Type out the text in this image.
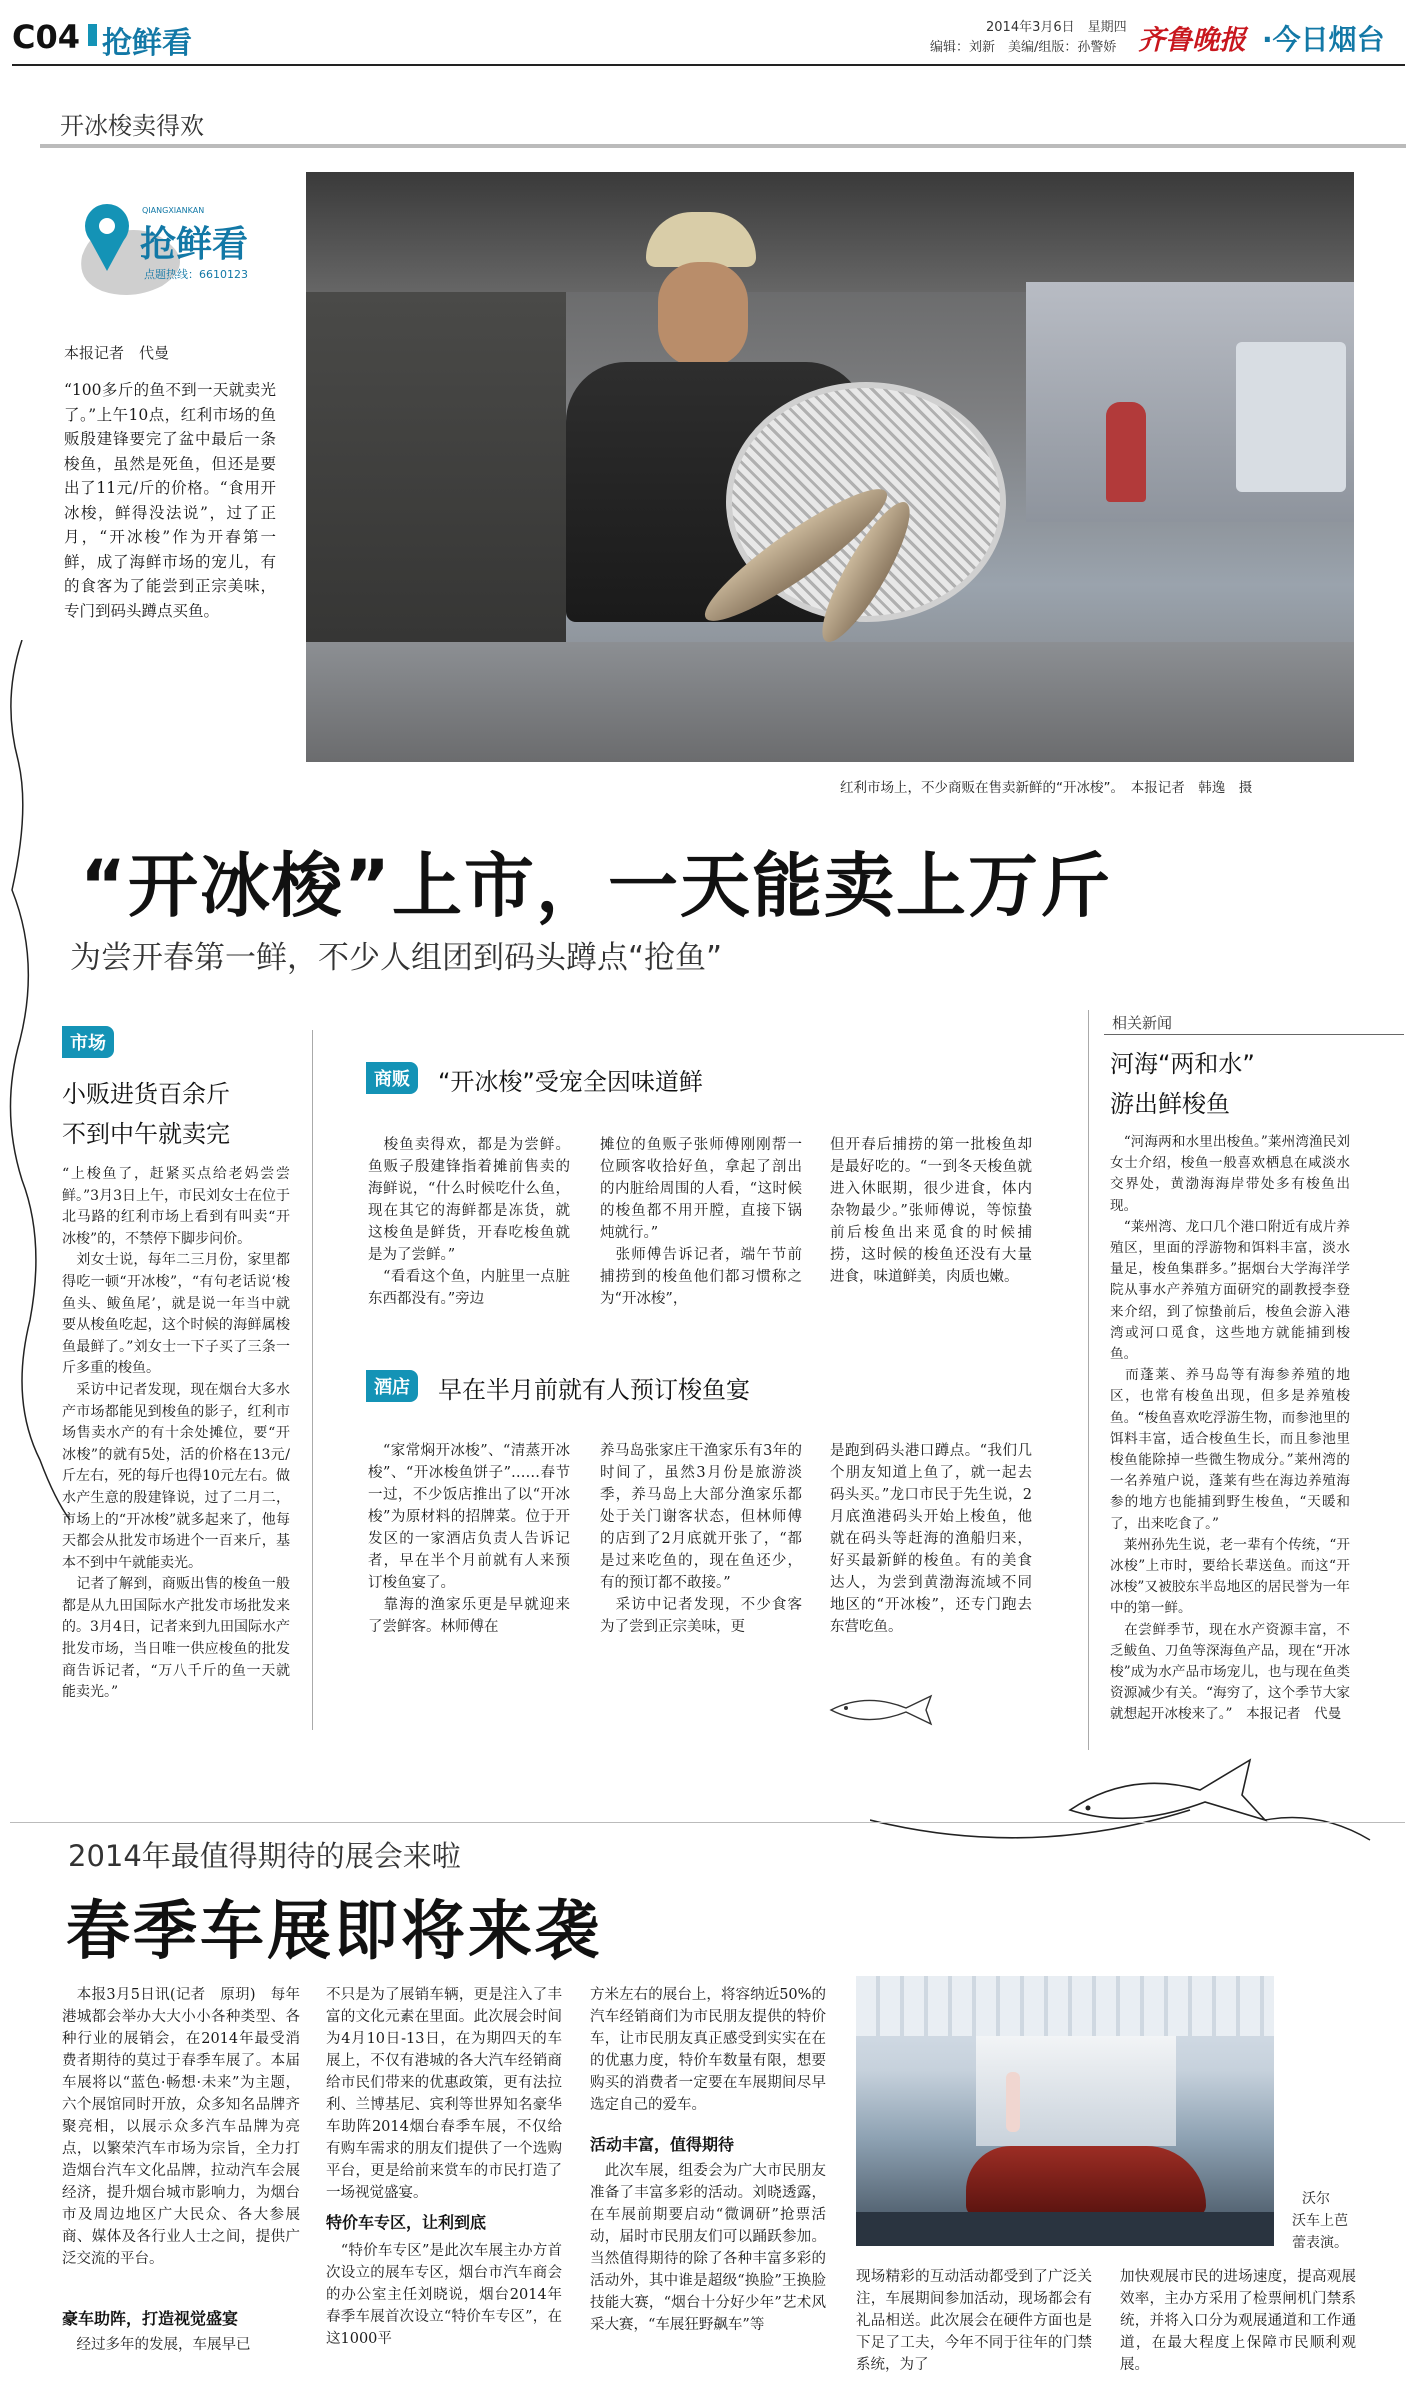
C04 抢鲜看	2014年3月6日　星期四
编辑：刘新　美编/组版：孙警娇 齐鲁晚报 ·今日烟台
开冰梭卖得欢
QIANGXIANKAN
抢鲜看
点题热线：6610123
本报记者　代曼
“100多斤的鱼不到一天就卖光了。”上午10点，红利市场的鱼贩殷建锋要完了盆中最后一条梭鱼，虽然是死鱼，但还是要出了11元/斤的价格。“食用开冰梭，鲜得没法说”，过了正月，“开冰梭”作为开春第一鲜，成了海鲜市场的宠儿，有的食客为了能尝到正宗美味，专门到码头蹲点买鱼。
红利市场上，不少商贩在售卖新鲜的“开冰梭”。　本报记者　韩逸　摄
“开冰梭”上市，一天能卖上万斤
为尝开春第一鲜，不少人组团到码头蹲点“抢鱼”
市场
小贩进货百余斤
不到中午就卖完
“上梭鱼了，赶紧买点给老妈尝尝鲜。”3月3日上午，市民刘女士在位于北马路的红利市场上看到有叫卖“开冰梭”的，不禁停下脚步问价。
　刘女士说，每年二三月份，家里都得吃一顿“开冰梭”，“有句老话说‘梭鱼头、鲅鱼尾’，就是说一年当中就要从梭鱼吃起，这个时候的海鲜属梭鱼最鲜了。”刘女士一下子买了三条一斤多重的梭鱼。
　采访中记者发现，现在烟台大多水产市场都能见到梭鱼的影子，红利市场售卖水产的有十余处摊位，要“开冰梭”的就有5处，活的价格在13元/斤左右，死的每斤也得10元左右。做水产生意的殷建锋说，过了二月二，市场上的“开冰梭”就多起来了，他每天都会从批发市场进个一百来斤，基本不到中午就能卖光。
　记者了解到，商贩出售的梭鱼一般都是从九田国际水产批发市场批发来的。3月4日，记者来到九田国际水产批发市场，当日唯一供应梭鱼的批发商告诉记者，“万八千斤的鱼一天就能卖光。”
商贩	“开冰梭”受宠全因味道鲜
　梭鱼卖得欢，都是为尝鲜。鱼贩子殷建锋指着摊前售卖的海鲜说，“什么时候吃什么鱼，现在其它的海鲜都是冻货，就这梭鱼是鲜货，开春吃梭鱼就是为了尝鲜。”
　“看看这个鱼，内脏里一点脏东西都没有。”旁边
摊位的鱼贩子张师傅刚刚帮一位顾客收拾好鱼，拿起了剖出的内脏给周围的人看，“这时候的梭鱼都不用开膛，直接下锅炖就行。”
　张师傅告诉记者，端午节前捕捞到的梭鱼他们都习惯称之为“开冰梭”，
但开春后捕捞的第一批梭鱼却是最好吃的。“一到冬天梭鱼就进入休眠期，很少进食，体内杂物最少。”张师傅说，等惊蛰前后梭鱼出来觅食的时候捕捞，这时候的梭鱼还没有大量进食，味道鲜美，肉质也嫩。
酒店	早在半月前就有人预订梭鱼宴
　“家常焖开冰梭”、“清蒸开冰梭”、“开冰梭鱼饼子”……春节一过，不少饭店推出了以“开冰梭”为原材料的招牌菜。位于开发区的一家酒店负责人告诉记者，早在半个月前就有人来预订梭鱼宴了。
　靠海的渔家乐更是早就迎来了尝鲜客。林师傅在
养马岛张家庄干渔家乐有3年的时间了，虽然3月份是旅游淡季，养马岛上大部分渔家乐都处于关门谢客状态，但林师傅的店到了2月底就开张了，“都是过来吃鱼的，现在鱼还少，有的预订都不敢接。”
　采访中记者发现，不少食客为了尝到正宗美味，更
是跑到码头港口蹲点。“我们几个朋友知道上鱼了，就一起去码头买。”龙口市民于先生说，2月底渔港码头开始上梭鱼，他就在码头等赶海的渔船归来，好买最新鲜的梭鱼。有的美食达人，为尝到黄渤海流域不同地区的“开冰梭”，还专门跑去东营吃鱼。
相关新闻
河海“两和水”
游出鲜梭鱼
　“河海两和水里出梭鱼。”莱州湾渔民刘女士介绍，梭鱼一般喜欢栖息在咸淡水交界处，黄渤海海岸带处多有梭鱼出现。
　“莱州湾、龙口几个港口附近有成片养殖区，里面的浮游物和饵料丰富，淡水量足，梭鱼集群多。”据烟台大学海洋学院从事水产养殖方面研究的副教授李登来介绍，到了惊蛰前后，梭鱼会游入港湾或河口觅食，这些地方就能捕到梭鱼。
　而蓬莱、养马岛等有海参养殖的地区，也常有梭鱼出现，但多是养殖梭鱼。“梭鱼喜欢吃浮游生物，而参池里的饵料丰富，适合梭鱼生长，而且参池里梭鱼能除掉一些微生物成分。”莱州湾的一名养殖户说，蓬莱有些在海边养殖海参的地方也能捕到野生梭鱼，“天暖和了，出来吃食了。”
　莱州孙先生说，老一辈有个传统，“开冰梭”上市时，要给长辈送鱼。而这“开冰梭”又被胶东半岛地区的居民誉为一年中的第一鲜。
　在尝鲜季节，现在水产资源丰富，不乏鲅鱼、刀鱼等深海鱼产品，现在“开冰梭”成为水产品市场宠儿，也与现在鱼类资源减少有关。“海穷了，这个季节大家就想起开冰梭来了。”　本报记者　代曼
2014年最值得期待的展会来啦
春季车展即将来袭
　本报3月5日讯(记者　原玥)　每年港城都会举办大大小小各种类型、各种行业的展销会，在2014年最受消费者期待的莫过于春季车展了。本届车展将以“蓝色·畅想·未来”为主题，六个展馆同时开放，众多知名品牌齐聚亮相，以展示众多汽车品牌为亮点，以繁荣汽车市场为宗旨，全力打造烟台汽车文化品牌，拉动汽车会展经济，提升烟台城市影响力，为烟台市及周边地区广大民众、各大参展商、媒体及各行业人士之间，提供广泛交流的平台。
豪车助阵，打造视觉盛宴
　经过多年的发展，车展早已
不只是为了展销车辆，更是注入了丰富的文化元素在里面。此次展会时间为4月10日-13日，在为期四天的车展上，不仅有港城的各大汽车经销商给市民们带来的优惠政策，更有法拉利、兰博基尼、宾利等世界知名豪华车助阵2014烟台春季车展，不仅给有购车需求的朋友们提供了一个选购平台，更是给前来赏车的市民打造了一场视觉盛宴。
特价车专区，让利到底
　“特价车专区”是此次车展主办方首次设立的展车专区，烟台市汽车商会的办公室主任刘晓说，烟台2014年春季车展首次设立“特价车专区”，在这1000平
方米左右的展台上，将容纳近50%的汽车经销商们为市民朋友提供的特价车，让市民朋友真正感受到实实在在的优惠力度，特价车数量有限，想要购买的消费者一定要在车展期间尽早选定自己的爱车。
活动丰富，值得期待
　此次车展，组委会为广大市民朋友准备了丰富多彩的活动。刘晓透露，在车展前期要启动“微调研”抢票活动，届时市民朋友们可以踊跃参加。当然值得期待的除了各种丰富多彩的活动外，其中谁是超级“换脸”王换脸技能大赛，“烟台十分好少年”艺术风采大赛，“车展狂野飙车”等
沃尔
沃车上芭
蕾表演。
现场精彩的互动活动都受到了广泛关注，车展期间参加活动，现场都会有礼品相送。此次展会在硬件方面也是下足了工夫，今年不同于往年的门禁系统，为了
加快观展市民的进场速度，提高观展效率，主办方采用了检票闸机门禁系统，并将入口分为观展通道和工作通道，在最大程度上保障市民顺利观展。
